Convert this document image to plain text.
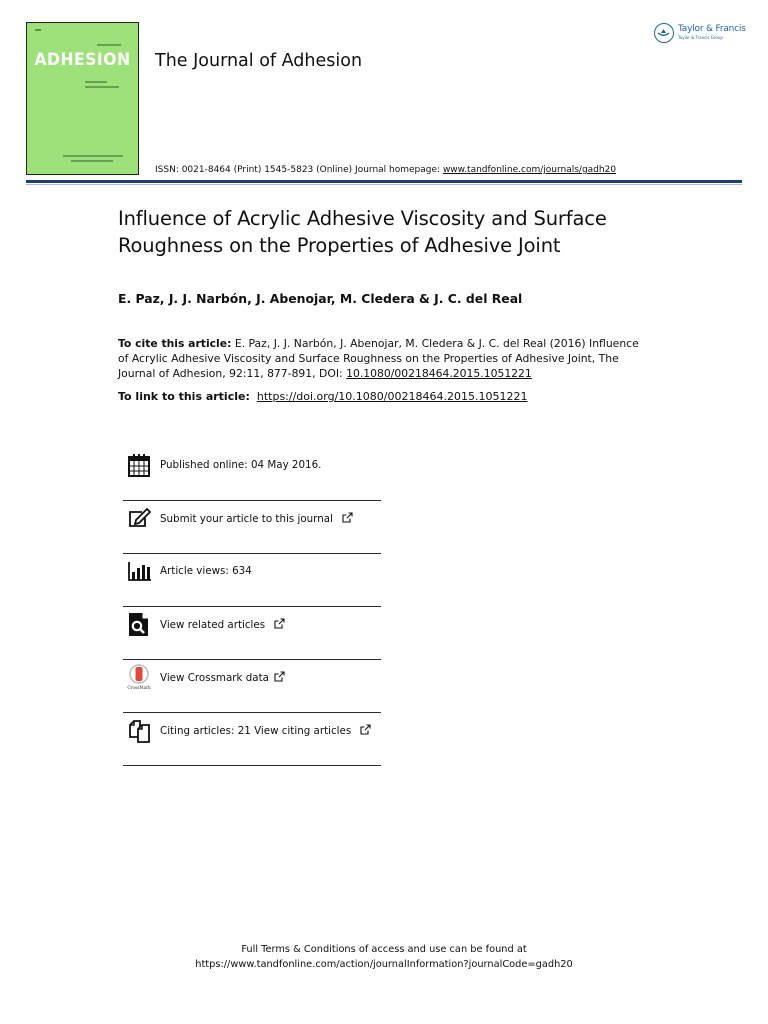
ADHESION The Journal of Adhesion
ISSN: 0021-8464 (Print) 1545-5823 (Online) Journal homepage: www.tandfonline.com/journals/gadh20
Taylor & Francis
Taylor & Francis Group
Influence of Acrylic Adhesive Viscosity and Surface Roughness on the Properties of Adhesive Joint
E. Paz, J. J. Narbón, J. Abenojar, M. Cledera & J. C. del Real
To cite this article: E. Paz, J. J. Narbón, J. Abenojar, M. Cledera & J. C. del Real (2016) Influence of Acrylic Adhesive Viscosity and Surface Roughness on the Properties of Adhesive Joint, The Journal of Adhesion, 92:11, 877-891, DOI: 10.1080/00218464.2015.1051221
To link to this article: https://doi.org/10.1080/00218464.2015.1051221
Published online: 04 May 2016.
Submit your article to this journal
Article views: 634
View related articles
CrossMark
View Crossmark data
Citing articles: 21 View citing articles
Full Terms & Conditions of access and use can be found at
https://www.tandfonline.com/action/journalInformation?journalCode=gadh20
